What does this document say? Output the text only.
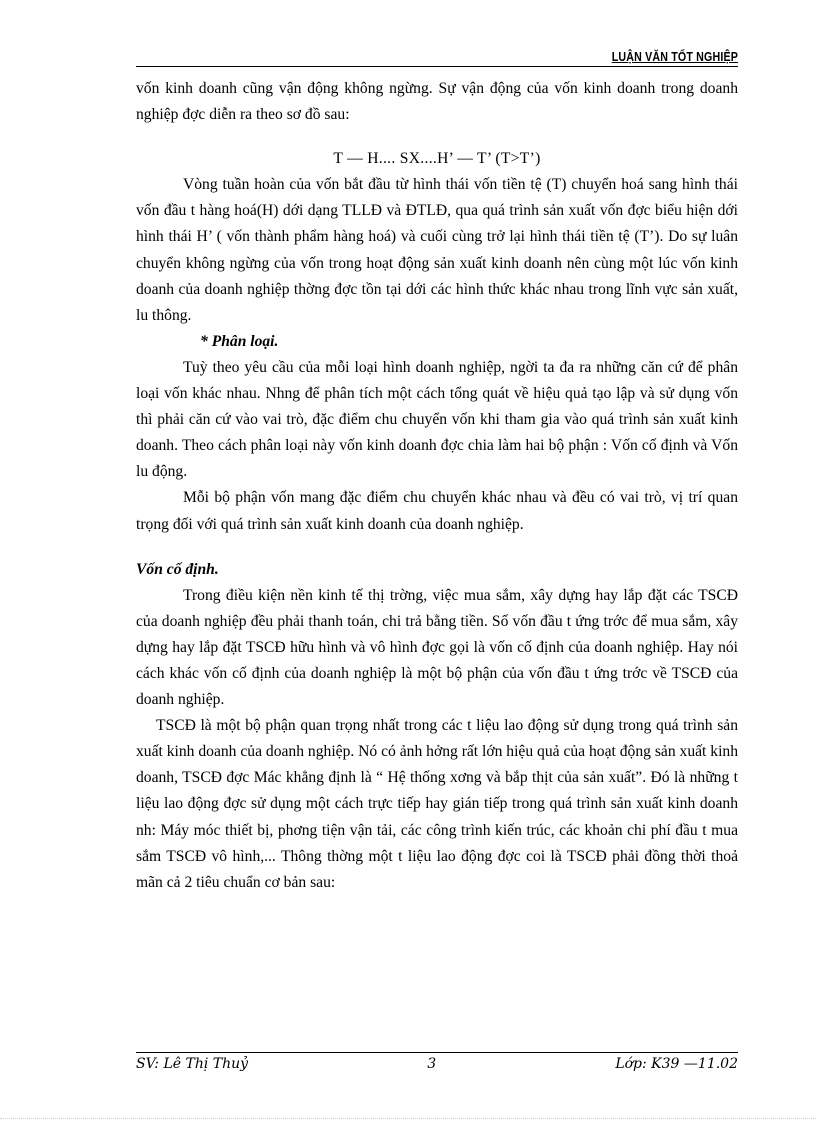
LUẬN VĂN TỐT NGHIỆP

vốn kinh doanh cũng vận động không ngừng. Sự vận động của vốn kinh doanh trong doanh nghiệp đợc diễn ra theo sơ đồ sau:

T — H.... SX....H’ — T’ (T>T’)

Vòng tuần hoàn của vốn bắt đầu từ hình thái vốn tiền tệ (T) chuyển hoá sang hình thái vốn đầu t hàng hoá(H) dới dạng TLLĐ và ĐTLĐ, qua quá trình sản xuất vốn đợc biểu hiện dới hình thái H’ ( vốn thành phẩm hàng hoá) và cuối cùng trở lại hình thái tiền tệ (T’). Do sự luân chuyển không ngừng của vốn trong hoạt động sản xuất kinh doanh nên cùng một lúc vốn kinh doanh của doanh nghiệp thờng đợc tồn tại dới các hình thức khác nhau trong lĩnh vực sản xuất, lu thông.

* Phân loại.

Tuỳ theo yêu cầu của mỗi loại hình doanh nghiệp, ngời ta đa ra những căn cứ để phân loại vốn khác nhau. Nhng để phân tích một cách tổng quát về hiệu quả tạo lập và sử dụng vốn thì phải căn cứ vào vai trò, đặc điểm chu chuyển vốn khi tham gia vào quá trình sản xuất kinh doanh. Theo cách phân loại này vốn kinh doanh đợc chia làm hai bộ phận : Vốn cố định và Vốn lu động.

Mỗi bộ phận vốn mang đặc điểm chu chuyển khác nhau và đều có vai trò, vị trí quan trọng đối với quá trình sản xuất kinh doanh của doanh nghiệp.

Vốn cố định.

Trong điều kiện nền kinh tế thị trờng, việc mua sắm, xây dựng hay lắp đặt các TSCĐ của doanh nghiệp đều phải thanh toán, chi trả bằng tiền. Số vốn đầu t ứng trớc để mua sắm, xây dựng hay lắp đặt TSCĐ hữu hình và vô hình đợc gọi là vốn cố định của doanh nghiệp. Hay nói cách khác vốn cố định của doanh nghiệp là một bộ phận của vốn đầu t ứng trớc về TSCĐ của doanh nghiệp.

TSCĐ là một bộ phận quan trọng nhất trong các t liệu lao động sử dụng trong quá trình sản xuất kinh doanh của doanh nghiệp. Nó có ảnh hởng rất lớn hiệu quả của hoạt động sản xuất kinh doanh, TSCĐ đợc Mác khẳng định là “ Hệ thống xơng và bắp thịt của sản xuất”. Đó là những t liệu lao động đợc sử dụng một cách trực tiếp hay gián tiếp trong quá trình sản xuất kinh doanh nh: Máy móc thiết bị, phơng tiện vận tải, các công trình kiến trúc, các khoản chi phí đầu t mua sắm TSCĐ vô hình,... Thông thờng một t liệu lao động đợc coi là TSCĐ phải đồng thời thoả mãn cả 2 tiêu chuẩn cơ bản sau:

SV: Lê Thị Thuỷ	3	Lớp: K39 —11.02
